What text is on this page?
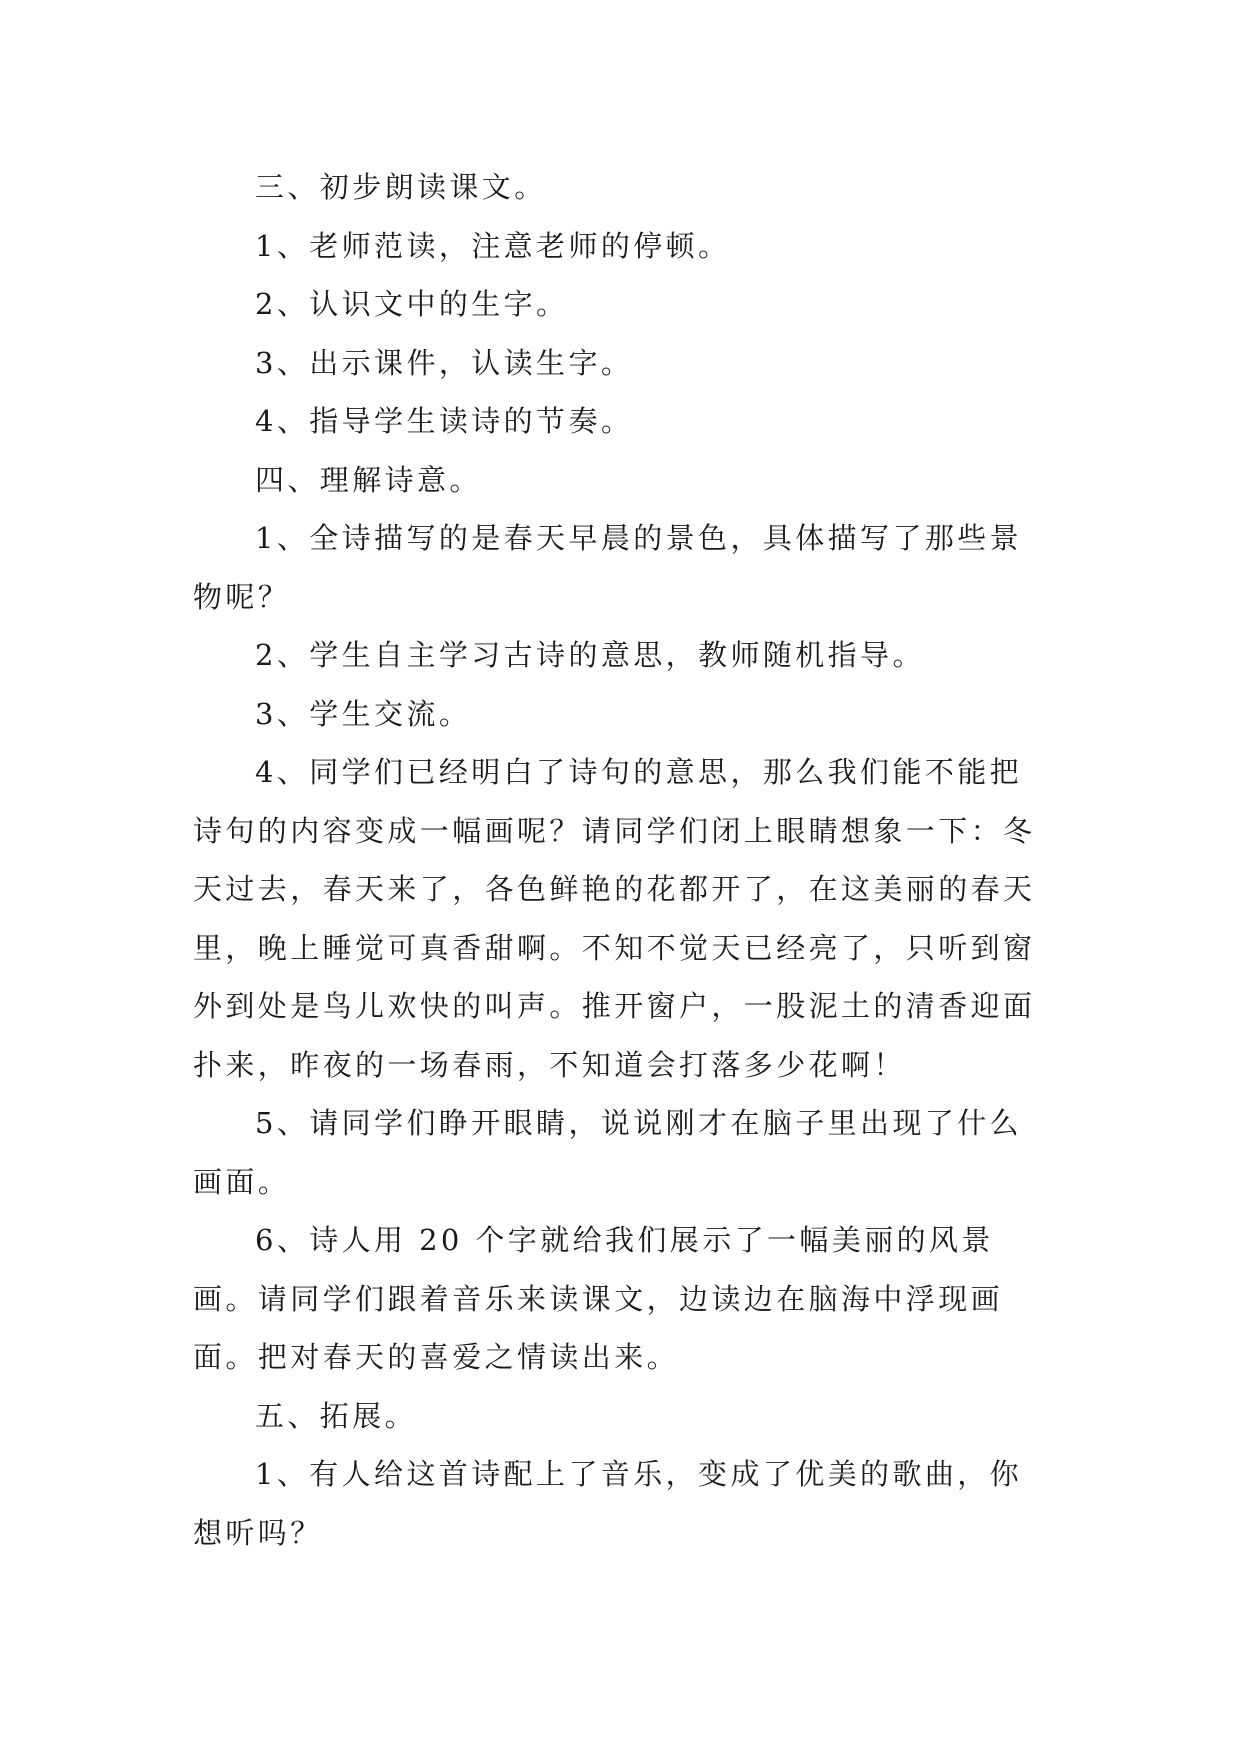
三、初步朗读课文。

1、老师范读，注意老师的停顿。

2、认识文中的生字。

3、出示课件，认读生字。

4、指导学生读诗的节奏。

四、理解诗意。

1、全诗描写的是春天早晨的景色，具体描写了那些景物呢？

2、学生自主学习古诗的意思，教师随机指导。

3、学生交流。

4、同学们已经明白了诗句的意思，那么我们能不能把诗句的内容变成一幅画呢？请同学们闭上眼睛想象一下：冬天过去，春天来了，各色鲜艳的花都开了，在这美丽的春天里，晚上睡觉可真香甜啊。不知不觉天已经亮了，只听到窗外到处是鸟儿欢快的叫声。推开窗户，一股泥土的清香迎面扑来，昨夜的一场春雨，不知道会打落多少花啊！

5、请同学们睁开眼睛，说说刚才在脑子里出现了什么画面。

6、诗人用 20 个字就给我们展示了一幅美丽的风景画。请同学们跟着音乐来读课文，边读边在脑海中浮现画面。把对春天的喜爱之情读出来。

五、拓展。

1、有人给这首诗配上了音乐，变成了优美的歌曲，你想听吗？
